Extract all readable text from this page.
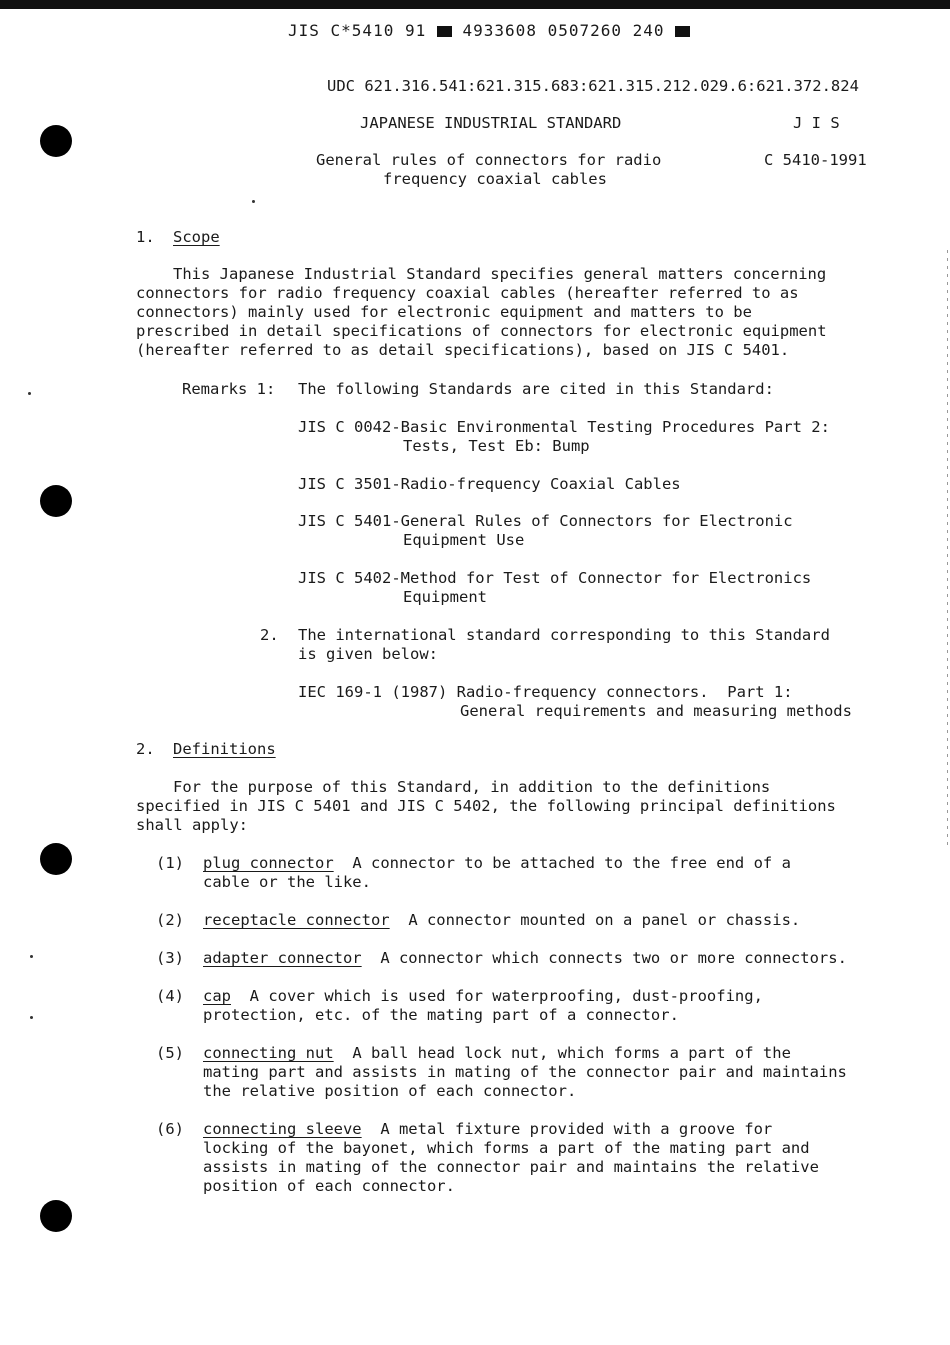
JIS C*5410 91 4933608 0507260 240
UDC 621.316.541:621.315.683:621.315.212.029.6:621.372.824
JAPANESE INDUSTRIAL STANDARD	J I S
General rules of connectors for radio	C 5410-1991
frequency coaxial cables
1. Scope
This Japanese Industrial Standard specifies general matters concerning
connectors for radio frequency coaxial cables (hereafter referred to as
connectors) mainly used for electronic equipment and matters to be
prescribed in detail specifications of connectors for electronic equipment
(hereafter referred to as detail specifications), based on JIS C 5401.
Remarks 1: The following Standards are cited in this Standard:
JIS C 0042-Basic Environmental Testing Procedures Part 2:
Tests, Test Eb: Bump
JIS C 3501-Radio-frequency Coaxial Cables
JIS C 5401-General Rules of Connectors for Electronic
Equipment Use
JIS C 5402-Method for Test of Connector for Electronics
Equipment
2. The international standard corresponding to this Standard
is given below:
IEC 169-1 (1987) Radio-frequency connectors.  Part 1:
General requirements and measuring methods
2. Definitions
For the purpose of this Standard, in addition to the definitions
specified in JIS C 5401 and JIS C 5402, the following principal definitions
shall apply:
(1) plug connector A connector to be attached to the free end of a
cable or the like.
(2) receptacle connector A connector mounted on a panel or chassis.
(3) adapter connector A connector which connects two or more connectors.
(4) cap A cover which is used for waterproofing, dust-proofing,
protection, etc. of the mating part of a connector.
(5) connecting nut A ball head lock nut, which forms a part of the
mating part and assists in mating of the connector pair and maintains
the relative position of each connector.
(6) connecting sleeve A metal fixture provided with a groove for
locking of the bayonet, which forms a part of the mating part and
assists in mating of the connector pair and maintains the relative
position of each connector.
